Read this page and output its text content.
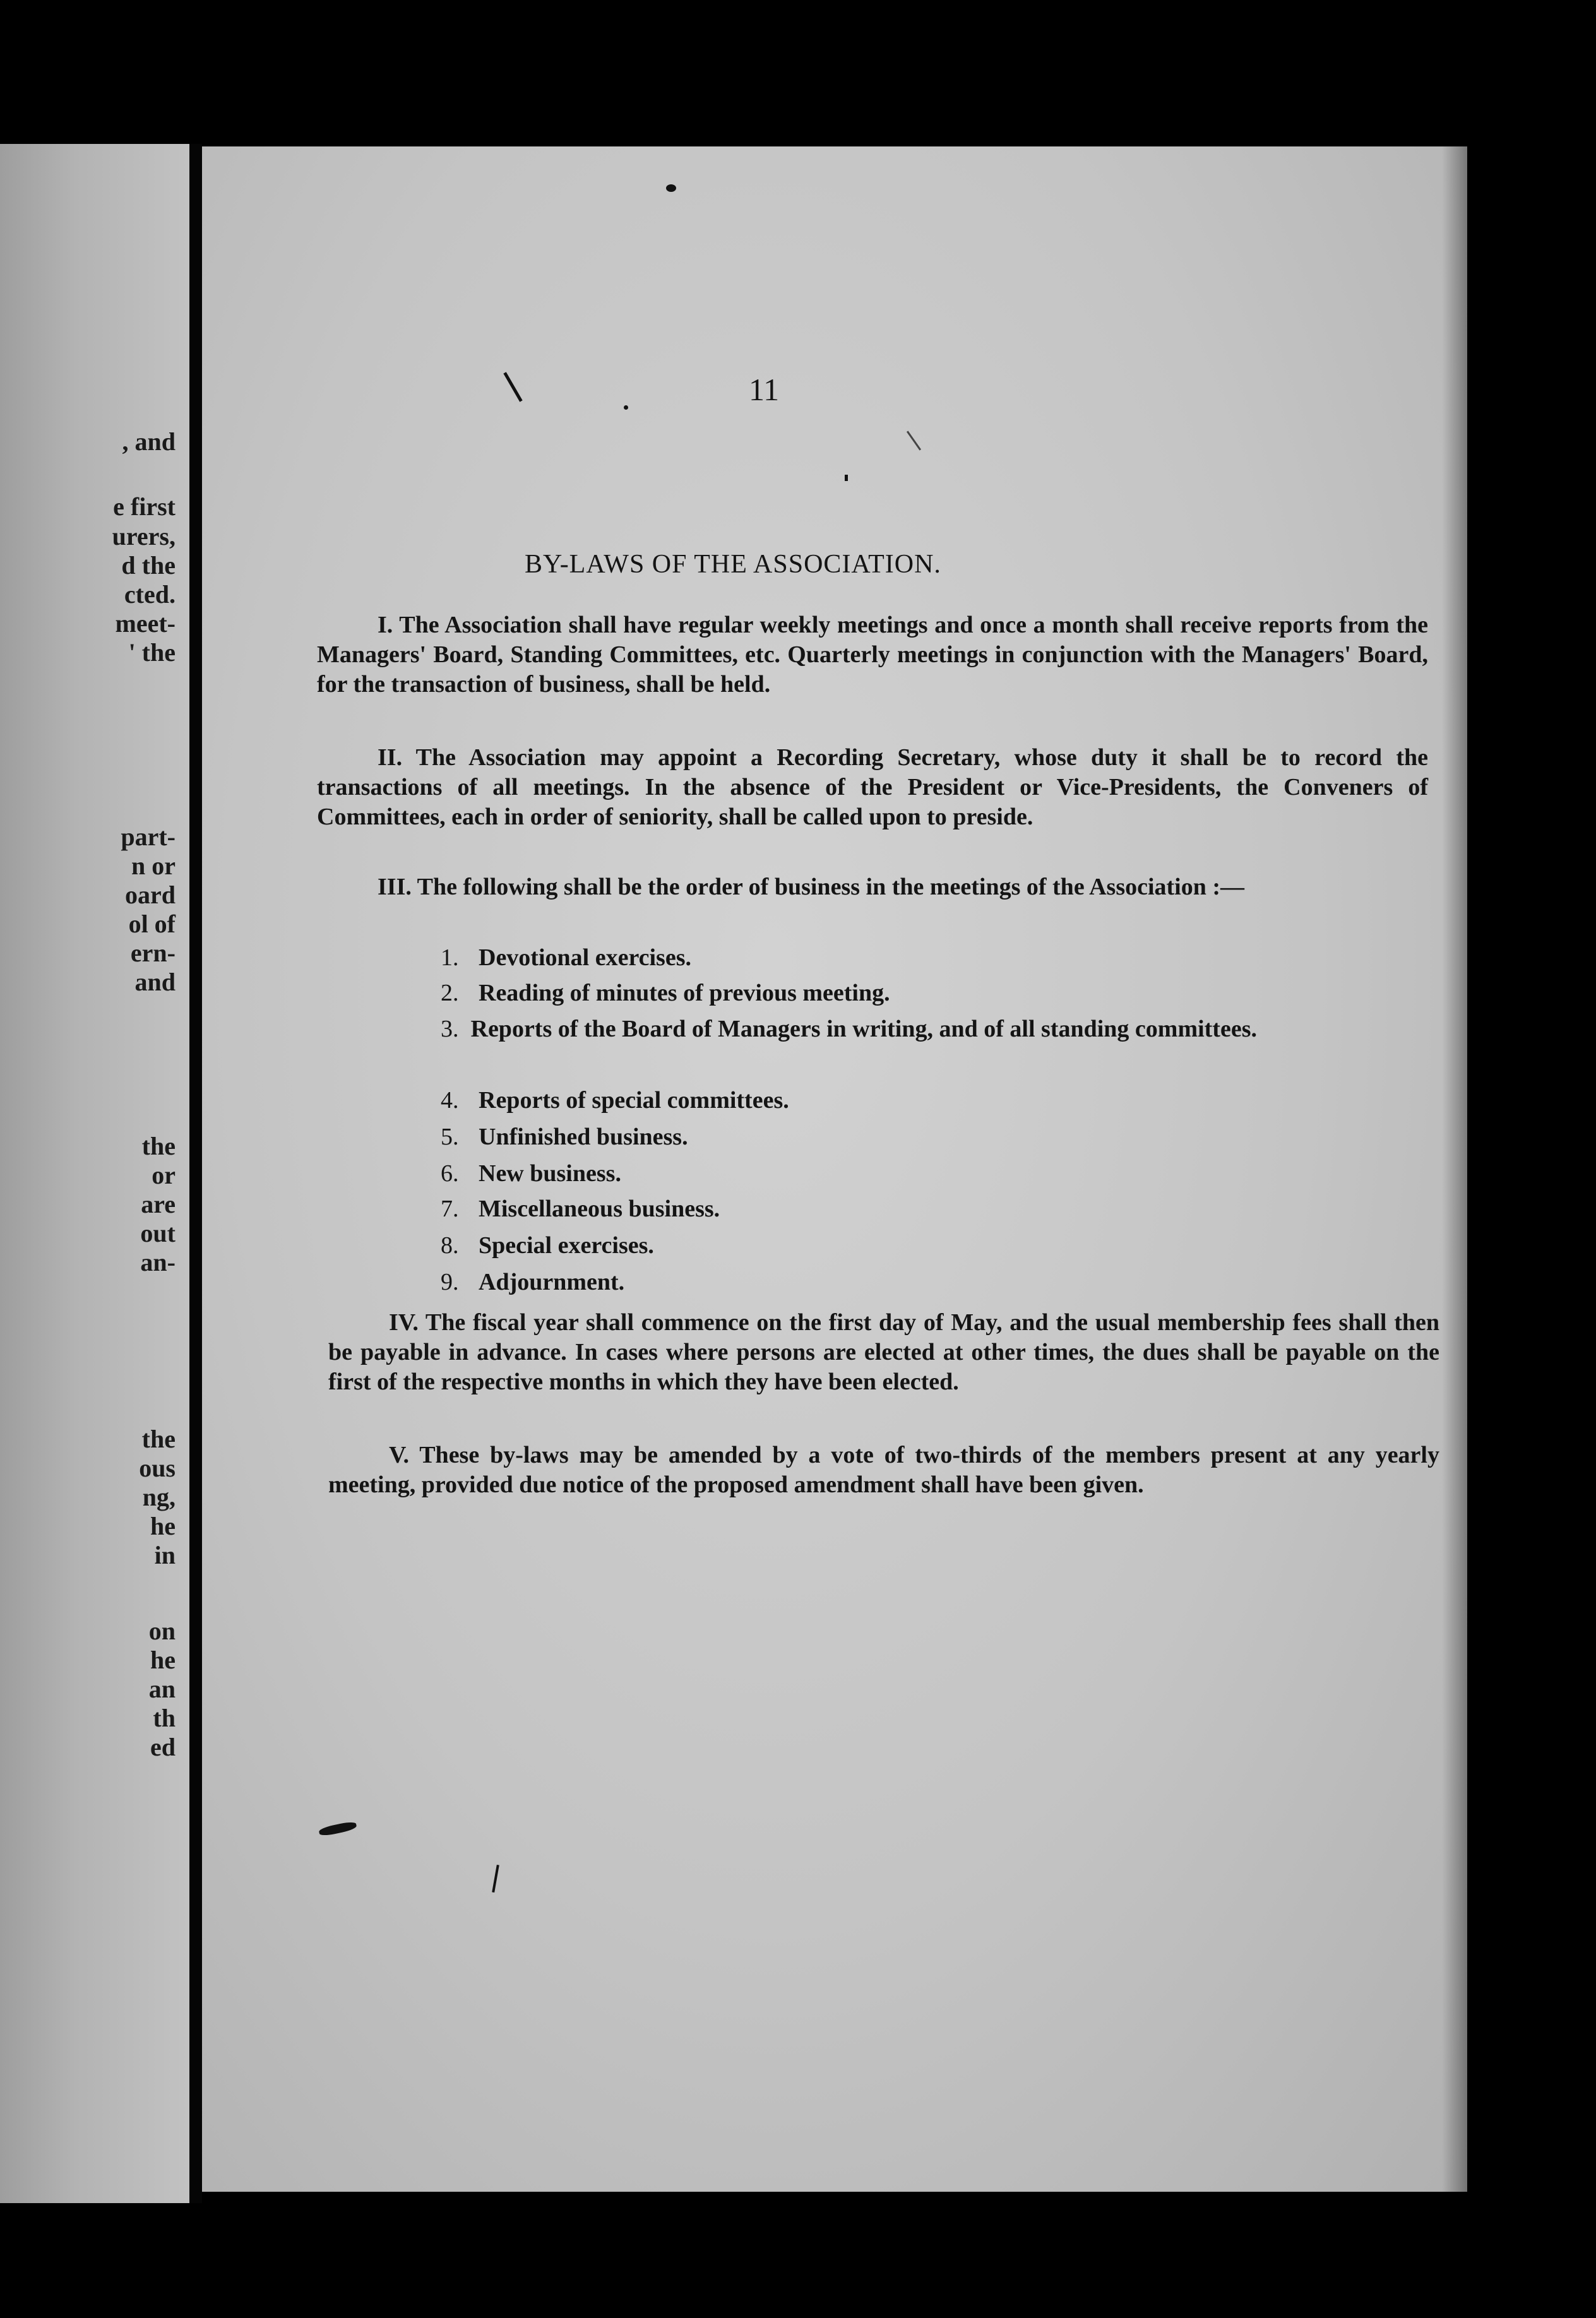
, and
e first
urers,
d the
cted.
meet-
' the
part-
n or
oard
ol of
ern-
and
the
or
are
out
an-
the
ous
ng,
he
in
on
he
an
th
ed
11
BY-LAWS OF THE ASSOCIATION.
I. The Association shall have regular weekly meetings and once a month shall receive reports from the Managers' Board, Standing Committees, etc. Quarterly meetings in conjunction with the Managers' Board, for the transaction of business, shall be held.
II. The Association may appoint a Recording Secretary, whose duty it shall be to record the transactions of all meetings. In the absence of the President or Vice-Presidents, the Conveners of Committees, each in order of seniority, shall be called upon to preside.
III. The following shall be the order of business in the meetings of the Association :—
1. Devotional exercises.
2. Reading of minutes of previous meeting.
3. Reports of the Board of Managers in writing, and of all standing committees.
4. Reports of special committees.
5. Unfinished business.
6. New business.
7. Miscellaneous business.
8. Special exercises.
9. Adjournment.
IV. The fiscal year shall commence on the first day of May, and the usual membership fees shall then be payable in advance. In cases where persons are elected at other times, the dues shall be payable on the first of the respective months in which they have been elected.
V. These by-laws may be amended by a vote of two-thirds of the members present at any yearly meeting, provided due notice of the proposed amendment shall have been given.
